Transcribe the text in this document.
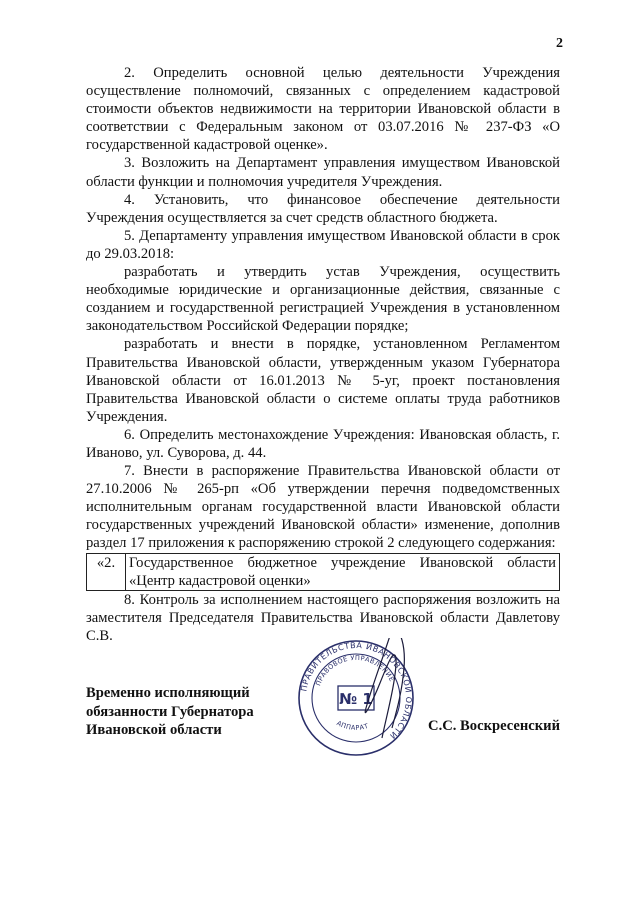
2

2. Определить основной целью деятельности Учреждения осуществление полномочий, связанных с определением кадастровой стоимости объектов недвижимости на территории Ивановской области в соответствии с Федеральным законом от 03.07.2016 № 237-ФЗ «О государственной кадастровой оценке».

3. Возложить на Департамент управления имуществом Ивановской области функции и полномочия учредителя Учреждения.

4. Установить, что финансовое обеспечение деятельности Учреждения осуществляется за счет средств областного бюджета.

5. Департаменту управления имуществом Ивановской области в срок до 29.03.2018:

разработать и утвердить устав Учреждения, осуществить необходимые юридические и организационные действия, связанные с созданием и государственной регистрацией Учреждения в установленном законодательством Российской Федерации порядке;

разработать и внести в порядке, установленном Регламентом Правительства Ивановской области, утвержденным указом Губернатора Ивановской области от 16.01.2013 № 5-уг, проект постановления Правительства Ивановской области о системе оплаты труда работников Учреждения.

6. Определить местонахождение Учреждения: Ивановская область, г. Иваново, ул. Суворова, д. 44.

7. Внести в распоряжение Правительства Ивановской области от 27.10.2006 № 265-рп «Об утверждении перечня подведомственных исполнительным органам государственной власти Ивановской области государственных учреждений Ивановской области» изменение, дополнив раздел 17 приложения к распоряжению строкой 2 следующего содержания:

«2.	Государственное бюджетное учреждение Ивановской области «Центр кадастровой оценки»

8. Контроль за исполнением настоящего распоряжения возложить на заместителя Председателя Правительства Ивановской области Давлетову С.В.

Временно исполняющий
обязанности Губернатора
Ивановской области
ПРАВИТЕЛЬСТВА ИВАНОВСКОЙ ОБЛАСТИ
ПРАВОВОЕ УПРАВЛЕНИЕ
АППАРАТ
№ 1
С.С. Воскресенский
